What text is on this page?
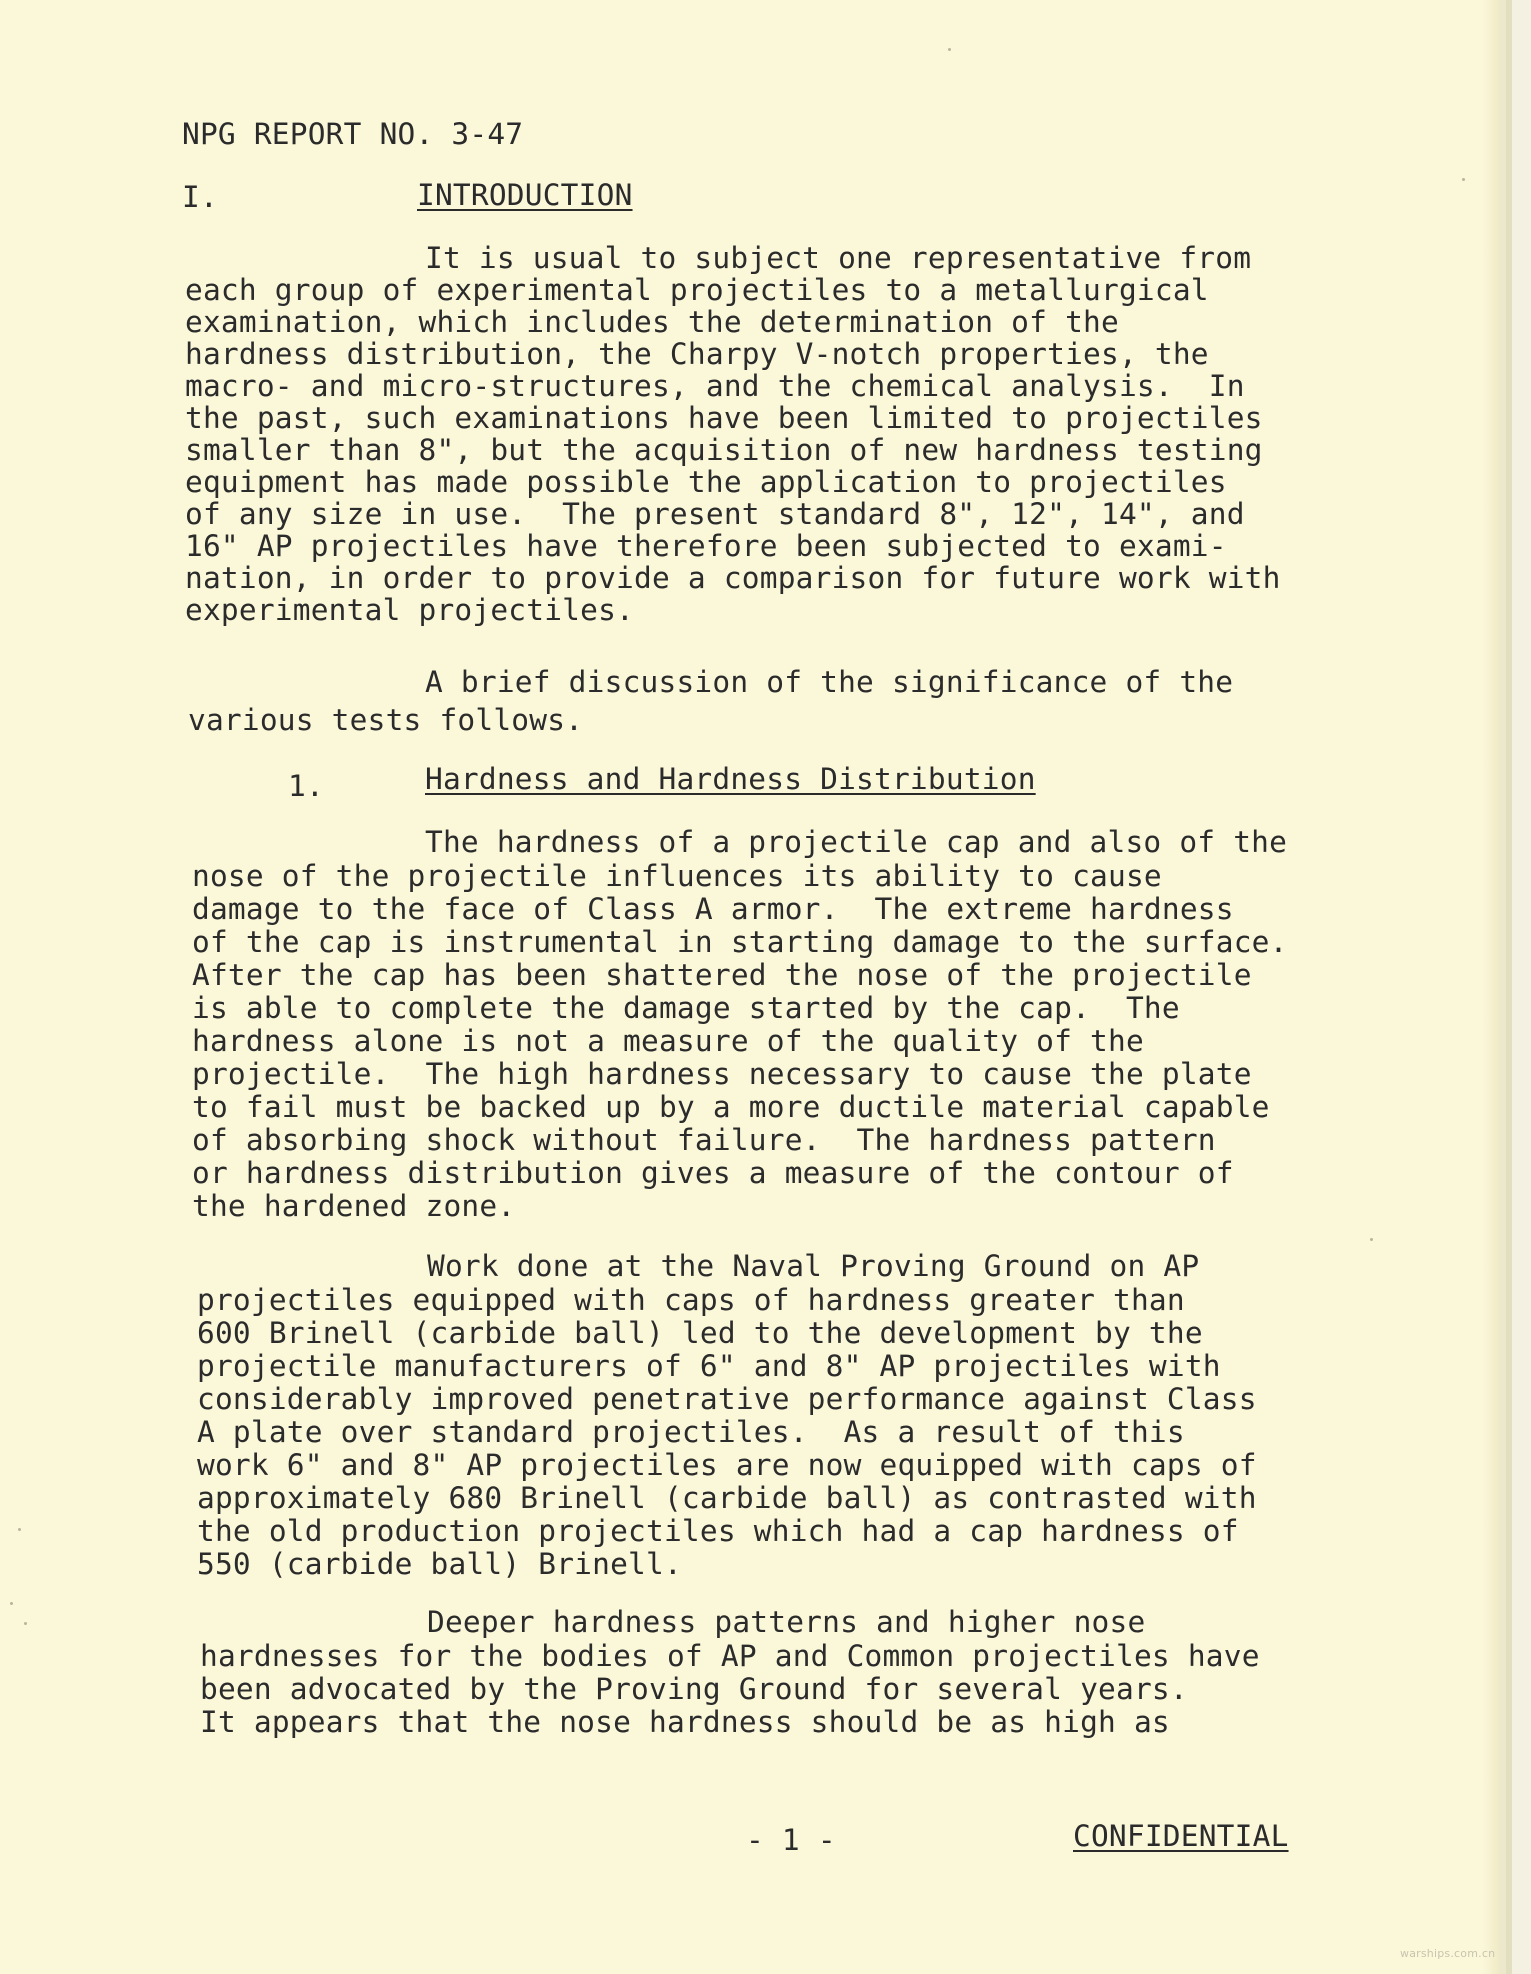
NPG REPORT NO. 3-47
I.	INTRODUCTION
It is usual to subject one representative from
each group of experimental projectiles to a metallurgical
examination, which includes the determination of the
hardness distribution, the Charpy V-notch properties, the
macro- and micro-structures, and the chemical analysis.  In
the past, such examinations have been limited to projectiles
smaller than 8", but the acquisition of new hardness testing
equipment has made possible the application to projectiles
of any size in use.  The present standard 8", 12", 14", and
16" AP projectiles have therefore been subjected to exami-
nation, in order to provide a comparison for future work with
experimental projectiles.
A brief discussion of the significance of the
various tests follows.
1.	Hardness and Hardness Distribution
The hardness of a projectile cap and also of the
nose of the projectile influences its ability to cause
damage to the face of Class A armor.  The extreme hardness
of the cap is instrumental in starting damage to the surface.
After the cap has been shattered the nose of the projectile
is able to complete the damage started by the cap.  The
hardness alone is not a measure of the quality of the
projectile.  The high hardness necessary to cause the plate
to fail must be backed up by a more ductile material capable
of absorbing shock without failure.  The hardness pattern
or hardness distribution gives a measure of the contour of
the hardened zone.
Work done at the Naval Proving Ground on AP
projectiles equipped with caps of hardness greater than
600 Brinell (carbide ball) led to the development by the
projectile manufacturers of 6" and 8" AP projectiles with
considerably improved penetrative performance against Class
A plate over standard projectiles.  As a result of this
work 6" and 8" AP projectiles are now equipped with caps of
approximately 680 Brinell (carbide ball) as contrasted with
the old production projectiles which had a cap hardness of
550 (carbide ball) Brinell.
Deeper hardness patterns and higher nose
hardnesses for the bodies of AP and Common projectiles have
been advocated by the Proving Ground for several years.
It appears that the nose hardness should be as high as
- 1 -	CONFIDENTIAL
warships.com.cn
